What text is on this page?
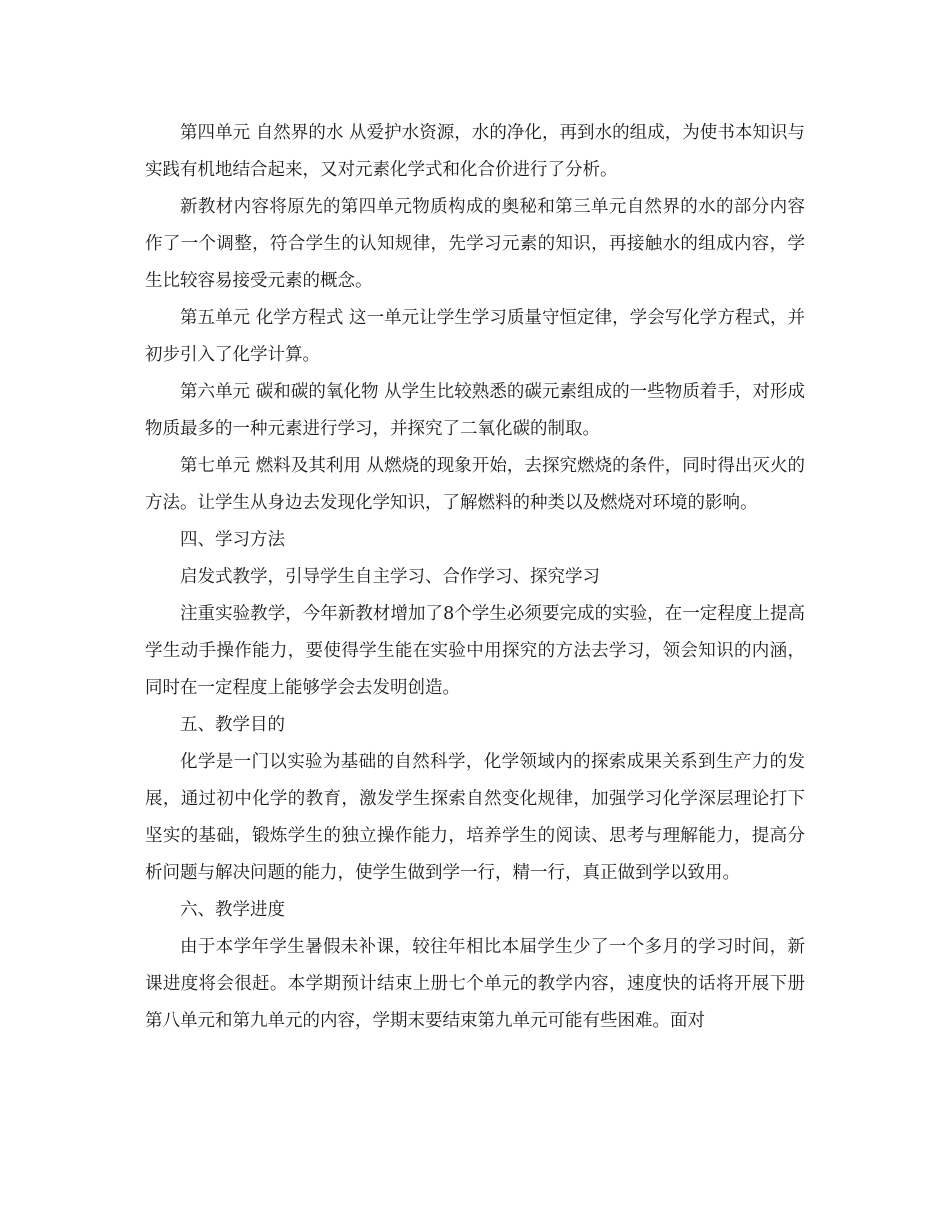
第四单元 自然界的水 从爱护水资源，水的净化，再到水的组成，为使书本知识与实践有机地结合起来，又对元素化学式和化合价进行了分析。

新教材内容将原先的第四单元物质构成的奥秘和第三单元自然界的水的部分内容作了一个调整，符合学生的认知规律，先学习元素的知识，再接触水的组成内容，学生比较容易接受元素的概念。

第五单元 化学方程式 这一单元让学生学习质量守恒定律，学会写化学方程式，并初步引入了化学计算。

第六单元 碳和碳的氧化物 从学生比较熟悉的碳元素组成的一些物质着手，对形成物质最多的一种元素进行学习，并探究了二氧化碳的制取。

第七单元 燃料及其利用 从燃烧的现象开始，去探究燃烧的条件，同时得出灭火的方法。让学生从身边去发现化学知识，了解燃料的种类以及燃烧对环境的影响。

四、学习方法

启发式教学，引导学生自主学习、合作学习、探究学习

注重实验教学，今年新教材增加了8个学生必须要完成的实验，在一定程度上提高学生动手操作能力，要使得学生能在实验中用探究的方法去学习，领会知识的内涵，同时在一定程度上能够学会去发明创造。

五、教学目的

化学是一门以实验为基础的自然科学，化学领域内的探索成果关系到生产力的发展，通过初中化学的教育，激发学生探索自然变化规律，加强学习化学深层理论打下坚实的基础，锻炼学生的独立操作能力，培养学生的阅读、思考与理解能力，提高分析问题与解决问题的能力，使学生做到学一行，精一行，真正做到学以致用。

六、教学进度

由于本学年学生暑假未补课，较往年相比本届学生少了一个多月的学习时间，新课进度将会很赶。本学期预计结束上册七个单元的教学内容，速度快的话将开展下册第八单元和第九单元的内容，学期末要结束第九单元可能有些困难。面对
